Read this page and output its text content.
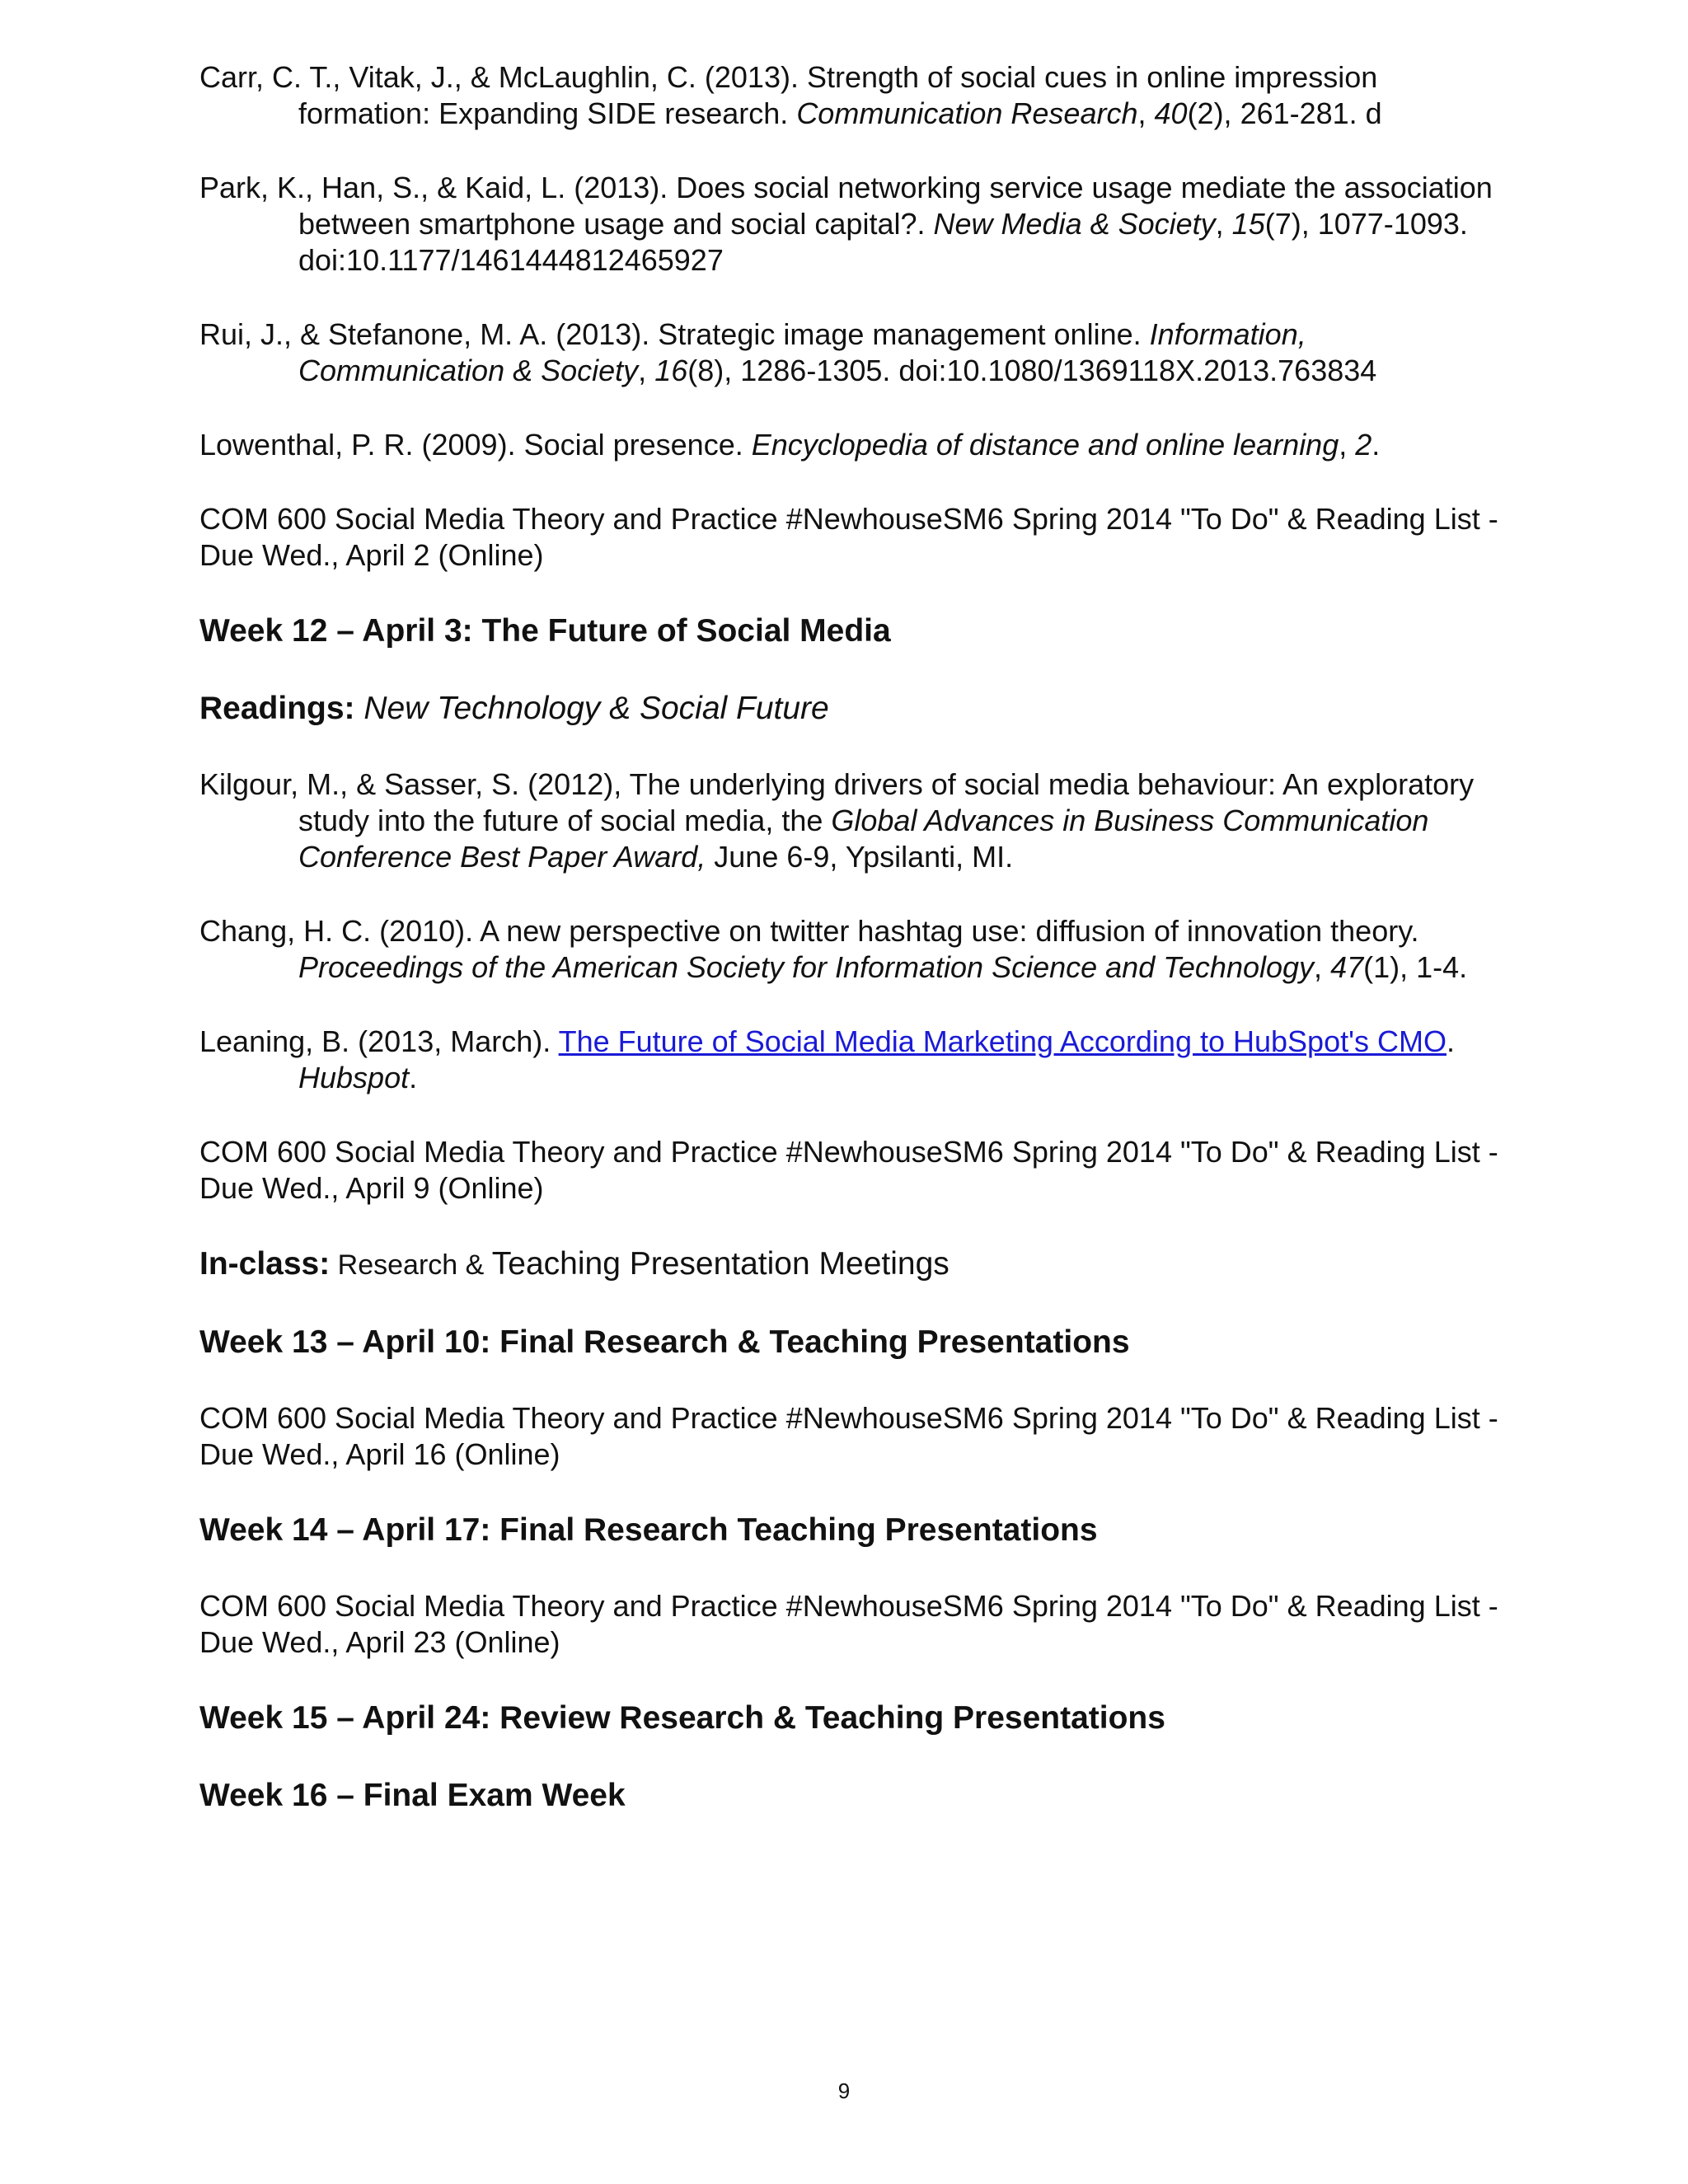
Carr, C. T., Vitak, J., & McLaughlin, C. (2013). Strength of social cues in online impression formation: Expanding SIDE research. Communication Research, 40(2), 261-281. d

Park, K., Han, S., & Kaid, L. (2013). Does social networking service usage mediate the association between smartphone usage and social capital?. New Media & Society, 15(7), 1077-1093. doi:10.1177/1461444812465927

Rui, J., & Stefanone, M. A. (2013). Strategic image management online. Information, Communication & Society, 16(8), 1286-1305. doi:10.1080/1369118X.2013.763834

Lowenthal, P. R. (2009). Social presence. Encyclopedia of distance and online learning, 2.

COM 600 Social Media Theory and Practice #NewhouseSM6 Spring 2014 "To Do" & Reading List - Due Wed., April 2 (Online)

Week 12 – April 3: The Future of Social Media

Readings: New Technology & Social Future

Kilgour, M., & Sasser, S. (2012), The underlying drivers of social media behaviour: An exploratory study into the future of social media, the Global Advances in Business Communication Conference Best Paper Award, June 6-9, Ypsilanti, MI.

Chang, H. C. (2010). A new perspective on twitter hashtag use: diffusion of innovation theory. Proceedings of the American Society for Information Science and Technology, 47(1), 1-4.

Leaning, B. (2013, March). The Future of Social Media Marketing According to HubSpot's CMO. Hubspot.

COM 600 Social Media Theory and Practice #NewhouseSM6 Spring 2014 "To Do" & Reading List - Due Wed., April 9 (Online)

In-class: Research & Teaching Presentation Meetings

Week 13 – April 10: Final Research & Teaching Presentations

COM 600 Social Media Theory and Practice #NewhouseSM6 Spring 2014 "To Do" & Reading List - Due Wed., April 16 (Online)

Week 14 – April 17: Final Research Teaching Presentations

COM 600 Social Media Theory and Practice #NewhouseSM6 Spring 2014 "To Do" & Reading List - Due Wed., April 23 (Online)

Week 15 – April 24: Review Research & Teaching Presentations

Week 16 – Final Exam Week

9
